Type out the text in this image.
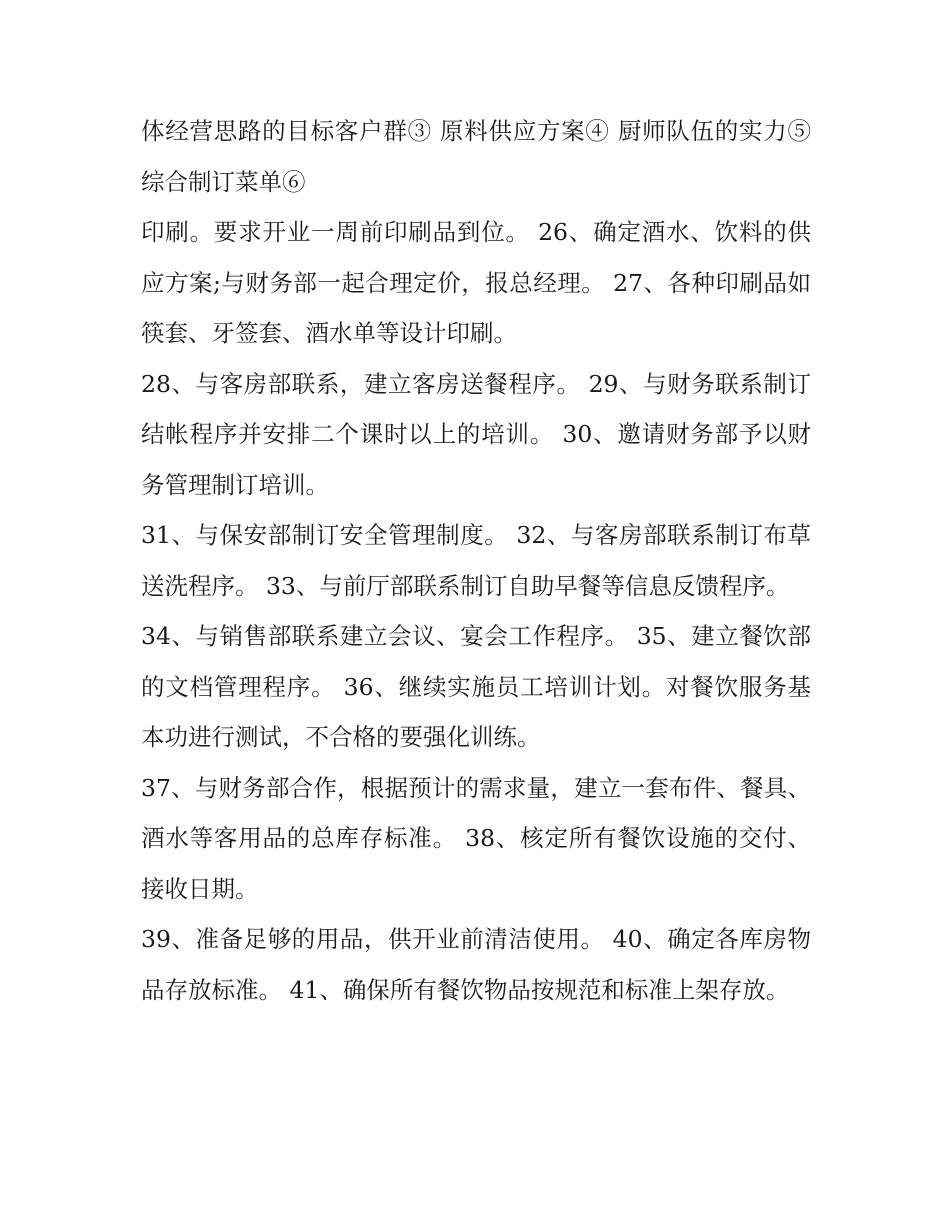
体经营思路的目标客户群③ 原料供应方案④ 厨师队伍的实力⑤ 综合制订菜单⑥

印刷。要求开业一周前印刷品到位。 26、确定酒水、饮料的供应方案;与财务部一起合理定价，报总经理。 27、各种印刷品如筷套、牙签套、酒水单等设计印刷。

28、与客房部联系，建立客房送餐程序。 29、与财务联系制订结帐程序并安排二个课时以上的培训。 30、邀请财务部予以财务管理制订培训。

31、与保安部制订安全管理制度。 32、与客房部联系制订布草送洗程序。 33、与前厅部联系制订自助早餐等信息反馈程序。

34、与销售部联系建立会议、宴会工作程序。 35、建立餐饮部的文档管理程序。 36、继续实施员工培训计划。对餐饮服务基本功进行测试，不合格的要强化训练。

37、与财务部合作，根据预计的需求量，建立一套布件、餐具、酒水等客用品的总库存标准。 38、核定所有餐饮设施的交付、接收日期。

39、准备足够的用品，供开业前清洁使用。 40、确定各库房物品存放标准。 41、确保所有餐饮物品按规范和标准上架存放。
